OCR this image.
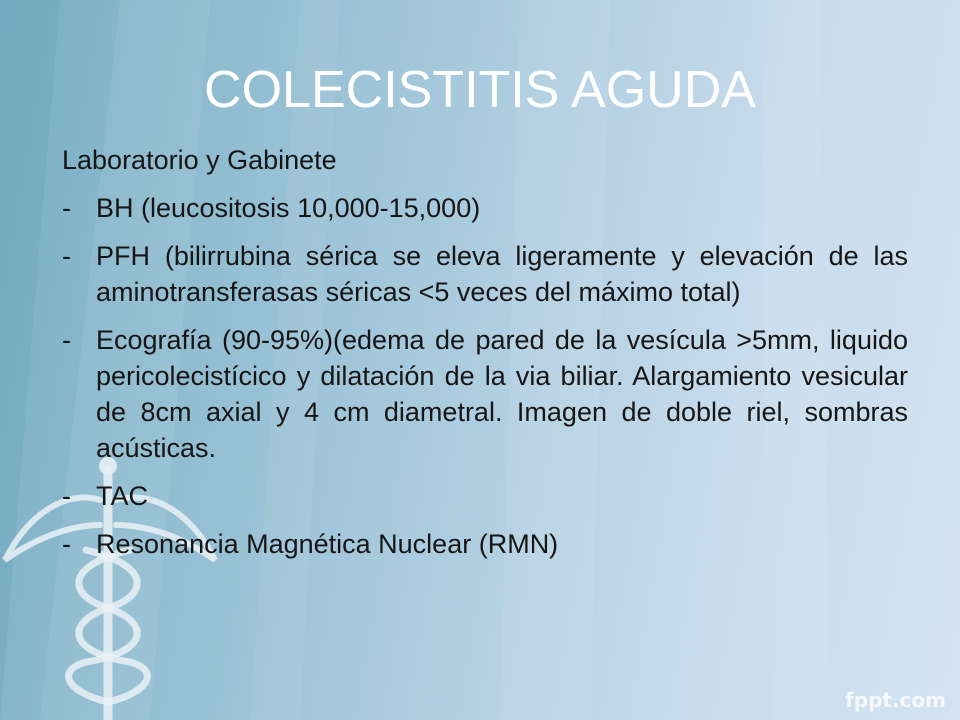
COLECISTITIS AGUDA
Laboratorio y Gabinete
- BH (leucositosis 10,000-15,000)
- PFH (bilirrubina sérica se eleva ligeramente y elevación de las aminotransferasas séricas <5 veces del máximo total)
- Ecografía (90-95%)(edema de pared de la vesícula >5mm, liquido pericolecistícico y dilatación de la via biliar. Alargamiento vesicular de 8cm axial y 4 cm diametral. Imagen de doble riel, sombras acústicas.
- TAC
- Resonancia Magnética Nuclear (RMN)
fppt.com
